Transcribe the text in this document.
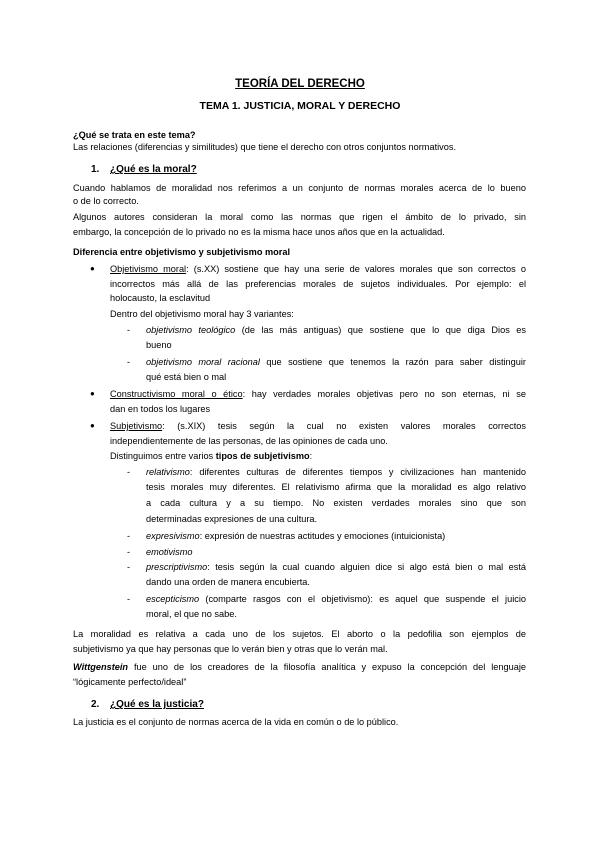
TEORÍA DEL DERECHO
TEMA 1. JUSTICIA, MORAL Y DERECHO
¿Qué se trata en este tema?
Las relaciones (diferencias y similitudes) que tiene el derecho con otros conjuntos normativos.
1. ¿Qué es la moral?
Cuando hablamos de moralidad nos referimos a un conjunto de normas morales acerca de lo bueno
o de lo correcto.
Algunos autores consideran la moral como las normas que rigen el ámbito de lo privado, sin
embargo, la concepción de lo privado no es la misma hace unos años que en la actualidad.
Diferencia entre objetivismo y subjetivismo moral
● Objetivismo moral: (s.XX) sostiene que hay una serie de valores morales que son correctos o
incorrectos más allá de las preferencias morales de sujetos individuales. Por ejemplo: el
holocausto, la esclavitud
Dentro del objetivismo moral hay 3 variantes:
- objetivismo teológico (de las más antiguas) que sostiene que lo que diga Dios es
bueno
- objetivismo moral racional que sostiene que tenemos la razón para saber distinguir
qué está bien o mal
● Constructivismo moral o ético: hay verdades morales objetivas pero no son eternas, ni se
dan en todos los lugares
● Subjetivismo: (s.XIX) tesis según la cual no existen valores morales correctos
independientemente de las personas, de las opiniones de cada uno.
Distinguimos entre varios tipos de subjetivismo:
- relativismo: diferentes culturas de diferentes tiempos y civilizaciones han mantenido
tesis morales muy diferentes. El relativismo afirma que la moralidad es algo relativo
a cada cultura y a su tiempo. No existen verdades morales sino que son
determinadas expresiones de una cultura.
- expresivismo: expresión de nuestras actitudes y emociones (intuicionista)
- emotivismo
- prescriptivismo: tesis según la cual cuando alguien dice si algo está bien o mal está
dando una orden de manera encubierta.
- escepticismo (comparte rasgos con el objetivismo): es aquel que suspende el juicio
moral, el que no sabe.
La moralidad es relativa a cada uno de los sujetos. El aborto o la pedofilia son ejemplos de
subjetivismo ya que hay personas que lo verán bien y otras que lo verán mal.
Wittgenstein fue uno de los creadores de la filosofía analítica y expuso la concepción del lenguaje
“lógicamente perfecto/ideal”
2. ¿Qué es la justicia?
La justicia es el conjunto de normas acerca de la vida en común o de lo público.
